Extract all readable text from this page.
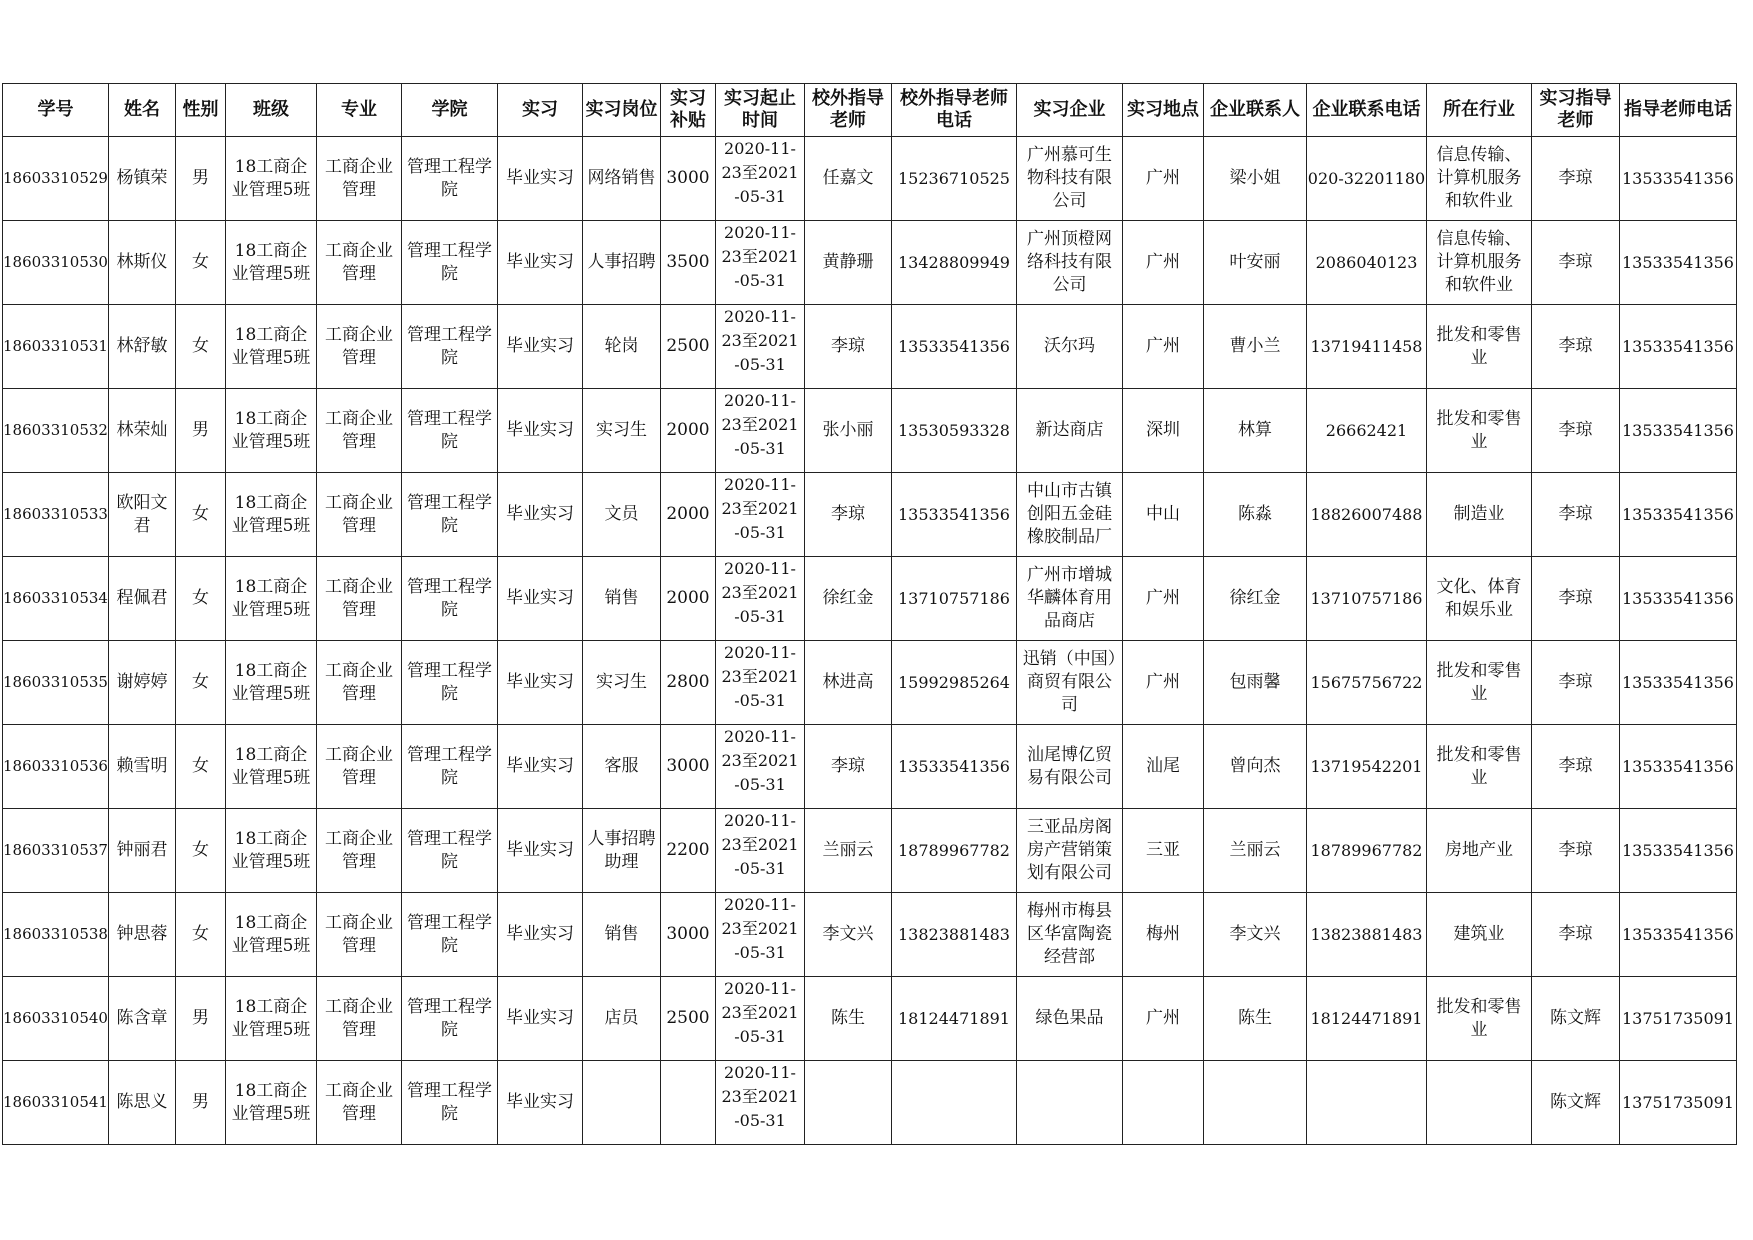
学号	姓名	性别	班级	专业	学院	实习	实习岗位	实习补贴	实习起止时间	校外指导老师	校外指导老师电话	实习企业	实习地点	企业联系人	企业联系电话	所在行业	实习指导老师	指导老师电话

18603310529	杨镇荣	男	18工商企业管理5班	工商企业管理	管理工程学院	毕业实习	网络销售	3000	2020-11-23至2021-05-31	任嘉文	15236710525	广州慕可生物科技有限公司	广州	梁小姐	020-32201180	信息传输、计算机服务和软件业	李琼	13533541356

18603310530	林斯仪	女	18工商企业管理5班	工商企业管理	管理工程学院	毕业实习	人事招聘	3500	2020-11-23至2021-05-31	黄静珊	13428809949	广州顶橙网络科技有限公司	广州	叶安丽	2086040123	信息传输、计算机服务和软件业	李琼	13533541356

18603310531	林舒敏	女	18工商企业管理5班	工商企业管理	管理工程学院	毕业实习	轮岗	2500	2020-11-23至2021-05-31	李琼	13533541356	沃尔玛	广州	曹小兰	13719411458	批发和零售业	李琼	13533541356

18603310532	林荣灿	男	18工商企业管理5班	工商企业管理	管理工程学院	毕业实习	实习生	2000	2020-11-23至2021-05-31	张小丽	13530593328	新达商店	深圳	林算	26662421	批发和零售业	李琼	13533541356

18603310533	欧阳文君	女	18工商企业管理5班	工商企业管理	管理工程学院	毕业实习	文员	2000	2020-11-23至2021-05-31	李琼	13533541356	中山市古镇创阳五金硅橡胶制品厂	中山	陈淼	18826007488	制造业	李琼	13533541356

18603310534	程佩君	女	18工商企业管理5班	工商企业管理	管理工程学院	毕业实习	销售	2000	2020-11-23至2021-05-31	徐红金	13710757186	广州市增城华麟体育用品商店	广州	徐红金	13710757186	文化、体育和娱乐业	李琼	13533541356

18603310535	谢婷婷	女	18工商企业管理5班	工商企业管理	管理工程学院	毕业实习	实习生	2800	2020-11-23至2021-05-31	林进高	15992985264	迅销（中国）商贸有限公司	广州	包雨馨	15675756722	批发和零售业	李琼	13533541356

18603310536	赖雪明	女	18工商企业管理5班	工商企业管理	管理工程学院	毕业实习	客服	3000	2020-11-23至2021-05-31	李琼	13533541356	汕尾博亿贸易有限公司	汕尾	曾向杰	13719542201	批发和零售业	李琼	13533541356

18603310537	钟丽君	女	18工商企业管理5班	工商企业管理	管理工程学院	毕业实习	人事招聘助理	2200	2020-11-23至2021-05-31	兰丽云	18789967782	三亚品房阁房产营销策划有限公司	三亚	兰丽云	18789967782	房地产业	李琼	13533541356

18603310538	钟思蓉	女	18工商企业管理5班	工商企业管理	管理工程学院	毕业实习	销售	3000	2020-11-23至2021-05-31	李文兴	13823881483	梅州市梅县区华富陶瓷经营部	梅州	李文兴	13823881483	建筑业	李琼	13533541356

18603310540	陈含章	男	18工商企业管理5班	工商企业管理	管理工程学院	毕业实习	店员	2500	2020-11-23至2021-05-31	陈生	18124471891	绿色果品	广州	陈生	18124471891	批发和零售业	陈文辉	13751735091

18603310541	陈思义	男	18工商企业管理5班	工商企业管理	管理工程学院	毕业实习			2020-11-23至2021-05-31								陈文辉	13751735091
